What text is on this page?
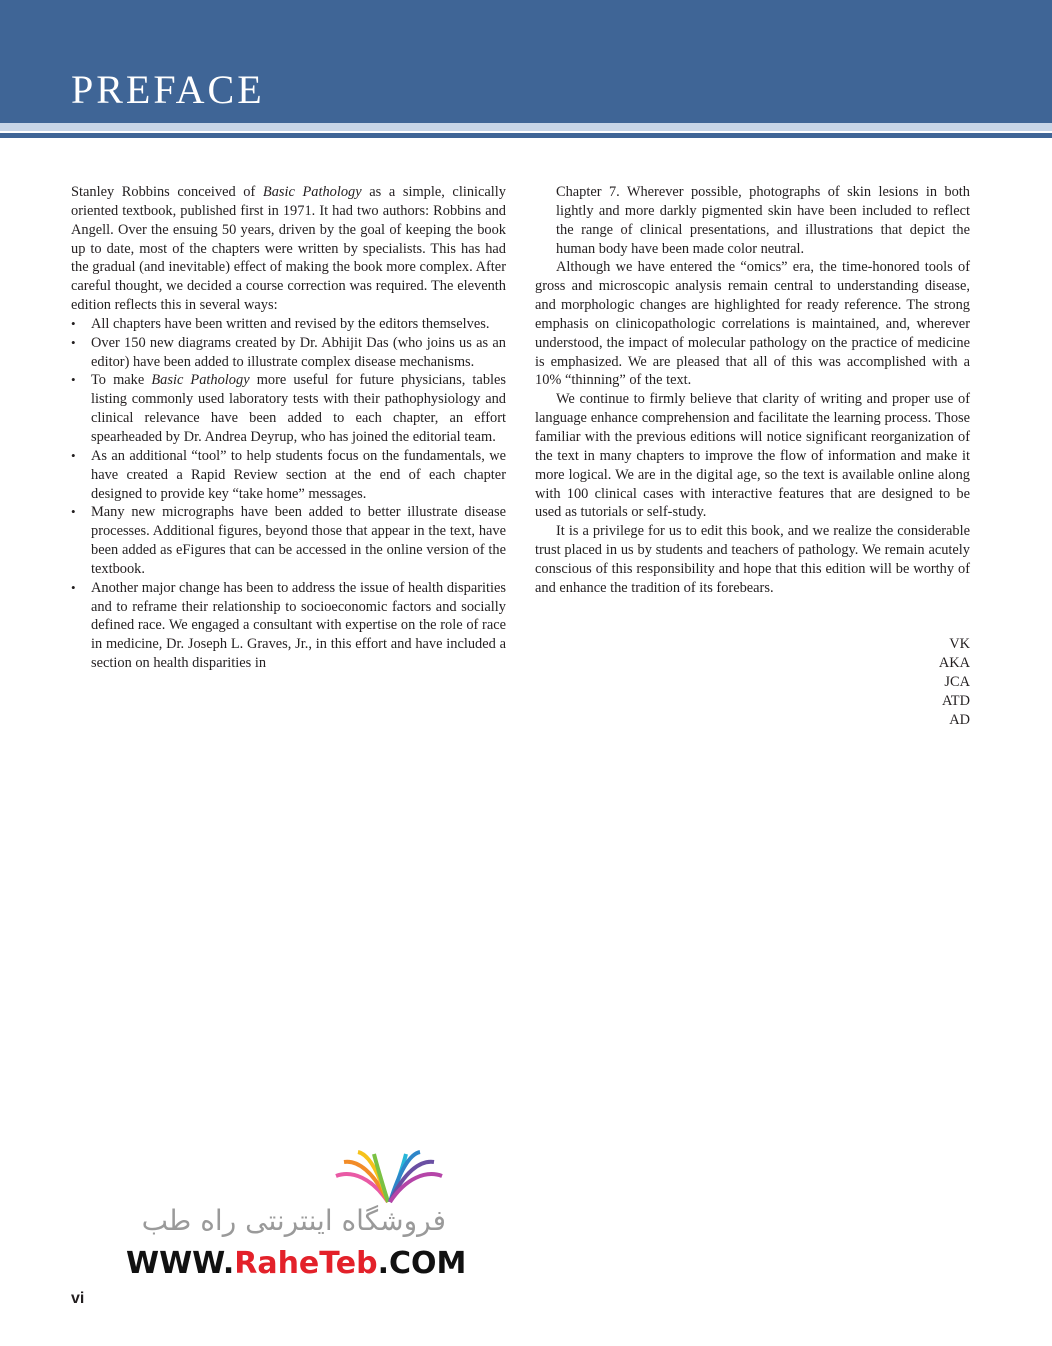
PREFACE

Stanley Robbins conceived of Basic Pathology as a simple, clinically oriented textbook, published first in 1971. It had two authors: Robbins and Angell. Over the ensuing 50 years, driven by the goal of keeping the book up to date, most of the chapters were written by specialists. This has had the gradual (and inevitable) effect of making the book more complex. After careful thought, we decided a course correction was required. The eleventh edition reflects this in several ways:

• All chapters have been written and revised by the editors themselves.
• Over 150 new diagrams created by Dr. Abhijit Das (who joins us as an editor) have been added to illustrate complex disease mechanisms.
• To make Basic Pathology more useful for future physicians, tables listing commonly used laboratory tests with their pathophysiology and clinical relevance have been added to each chapter, an effort spearheaded by Dr. Andrea Deyrup, who has joined the editorial team.
• As an additional “tool” to help students focus on the fundamentals, we have created a Rapid Review section at the end of each chapter designed to provide key “take home” messages.
• Many new micrographs have been added to better illustrate disease processes. Additional figures, beyond those that appear in the text, have been added as eFigures that can be accessed in the online version of the textbook.
• Another major change has been to address the issue of health disparities and to reframe their relationship to socioeconomic factors and socially defined race. We engaged a consultant with expertise on the role of race in medicine, Dr. Joseph L. Graves, Jr., in this effort and have included a section on health disparities in

Chapter 7. Wherever possible, photographs of skin lesions in both lightly and more darkly pigmented skin have been included to reflect the range of clinical presentations, and illustrations that depict the human body have been made color neutral.

Although we have entered the “omics” era, the time-honored tools of gross and microscopic analysis remain central to understanding disease, and morphologic changes are highlighted for ready reference. The strong emphasis on clinicopathologic correlations is maintained, and, wherever understood, the impact of molecular pathology on the practice of medicine is emphasized. We are pleased that all of this was accomplished with a 10% “thinning” of the text.

We continue to firmly believe that clarity of writing and proper use of language enhance comprehension and facilitate the learning process. Those familiar with the previous editions will notice significant reorganization of the text in many chapters to improve the flow of information and make it more logical. We are in the digital age, so the text is available online along with 100 clinical cases with interactive features that are designed to be used as tutorials or self-study.

It is a privilege for us to edit this book, and we realize the considerable trust placed in us by students and teachers of pathology. We remain acutely conscious of this responsibility and hope that this edition will be worthy of and enhance the tradition of its forebears.

VK
AKA
JCA
ATD
AD
فروشگاه اینترنتی راه طب
WWW.RaheTeb.COM
vi
